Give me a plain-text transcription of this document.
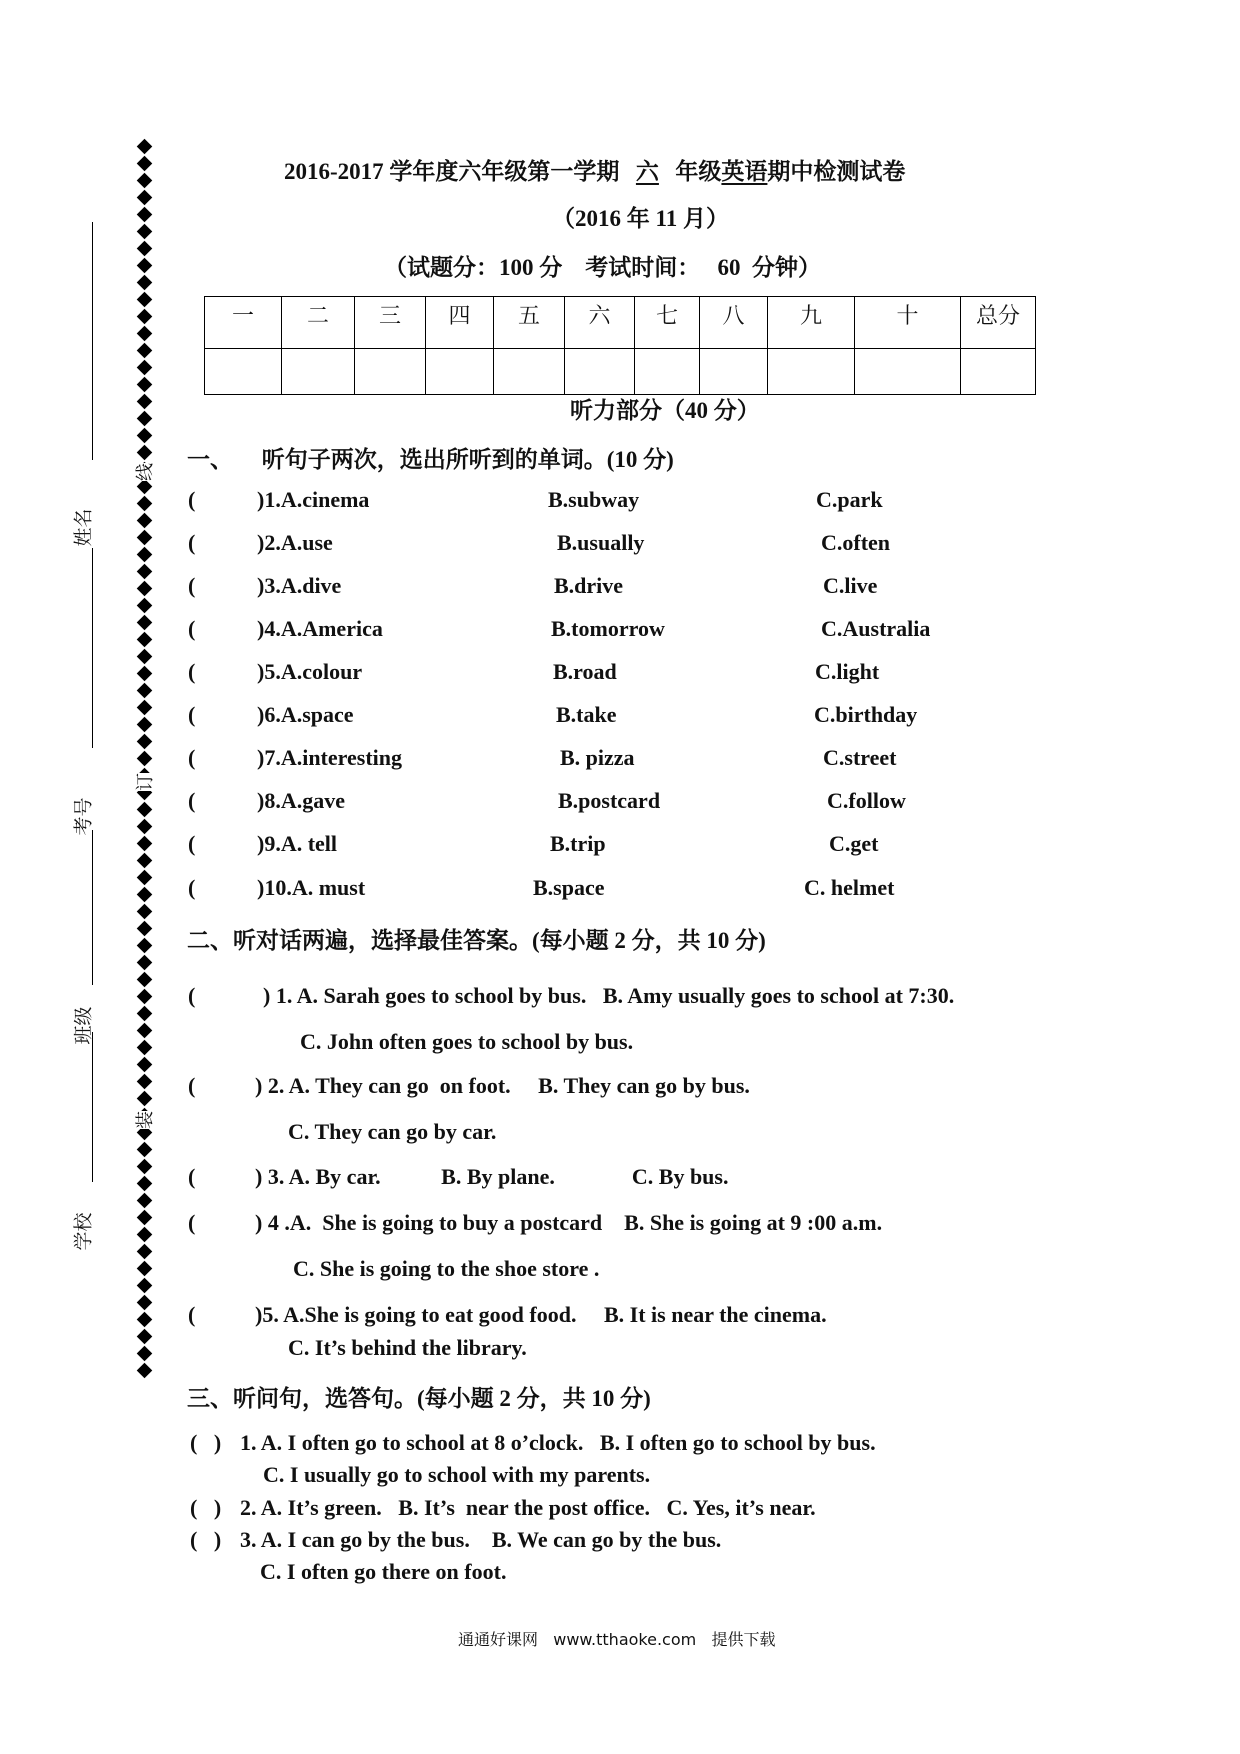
姓名
考号
班级
学校
线
订
装
2016-2017 学年度六年级第一学期六年级英语期中检测试卷
（2016 年 11 月）
（试题分：100 分    考试时间：   60  分钟）
一	二	三	四	五	六	七	八	九	十	总分

听力部分（40 分）
一、     听句子两次，选出所听到的单词。(10 分)
(	)1.A.cinema	B.subway	C.park
(	)2.A.use	B.usually	C.often
(	)3.A.dive	B.drive	C.live
(	)4.A.America	B.tomorrow	C.Australia
(	)5.A.colour	B.road	C.light
(	)6.A.space	B.take	C.birthday
(	)7.A.interesting	B. pizza	C.street
(	)8.A.gave	B.postcard	C.follow
(	)9.A. tell	B.trip	C.get
(	)10.A. must	B.space	C. helmet
二、听对话两遍，选择最佳答案。(每小题 2 分，共 10 分)
(	) 1. A. Sarah goes to school by bus.   B. Amy usually goes to school at 7:30.
C. John often goes to school by bus.
(	) 2. A. They can go  on foot.     B. They can go by bus.
C. They can go by car.
(	) 3. A. By car.           B. By plane.              C. By bus.
(	) 4 .A.  She is going to buy a postcard    B. She is going at 9 :00 a.m.
C. She is going to the shoe store .
(	)5. A.She is going to eat good food.     B. It is near the cinema.
C. It’s behind the library.
三、听问句，选答句。(每小题 2 分，共 10 分)
(   ) 1. A. I often go to school at 8 o’clock.   B. I often go to school by bus.
C. I usually go to school with my parents.
(   ) 2. A. It’s green.   B. It’s  near the post office.   C. Yes, it’s near.
(   ) 3. A. I can go by the bus.    B. We can go by the bus.
C. I often go there on foot.
通通好课网   www.tthaoke.com   提供下载
